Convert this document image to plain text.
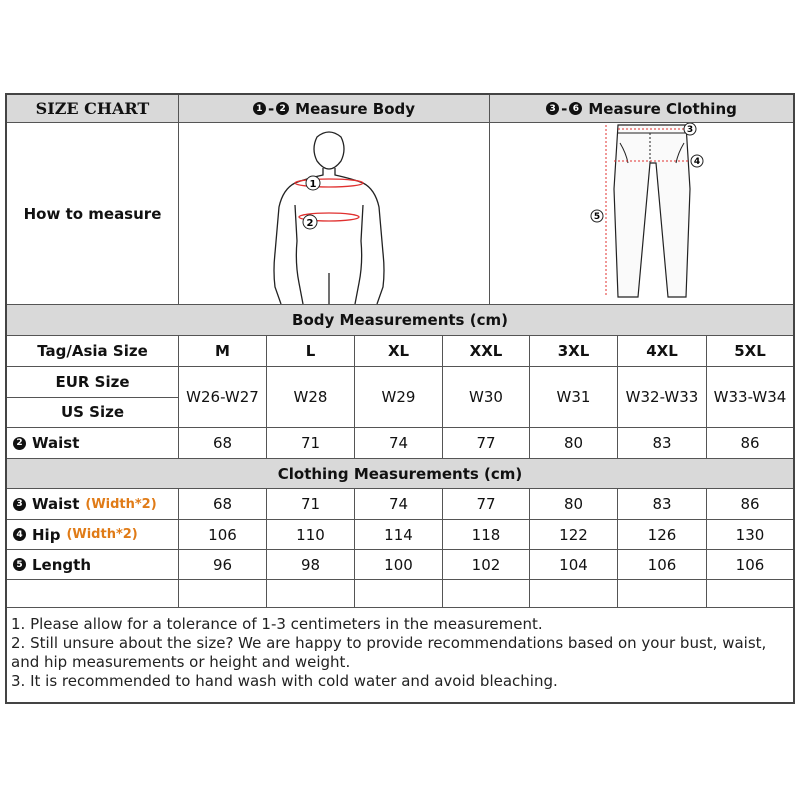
SIZE CHART	1 - 2 Measure Body	3 - 6 Measure Clothing
How to measure
1
2
3
4
5
Body Measurements (cm)
Tag/Asia Size	M	L	XL	XXL	3XL	4XL	5XL
EUR Size
US Size
W26-W27	W28	W29	W30	W31	W32-W33	W33-W34
2 Waist	68	71	74	77	80	83	86
Clothing Measurements (cm)
3 Waist (Width*2)	68	71	74	77	80	83	86
4 Hip (Width*2)	106	110	114	118	122	126	130
5 Length	96	98	100	102	104	106	106
1. Please allow for a tolerance of 1-3 centimeters in the measurement.
2. Still unsure about the size? We are happy to provide recommendations based on your bust, waist,
and hip measurements or height and weight.
3. It is recommended to hand wash with cold water and avoid bleaching.
